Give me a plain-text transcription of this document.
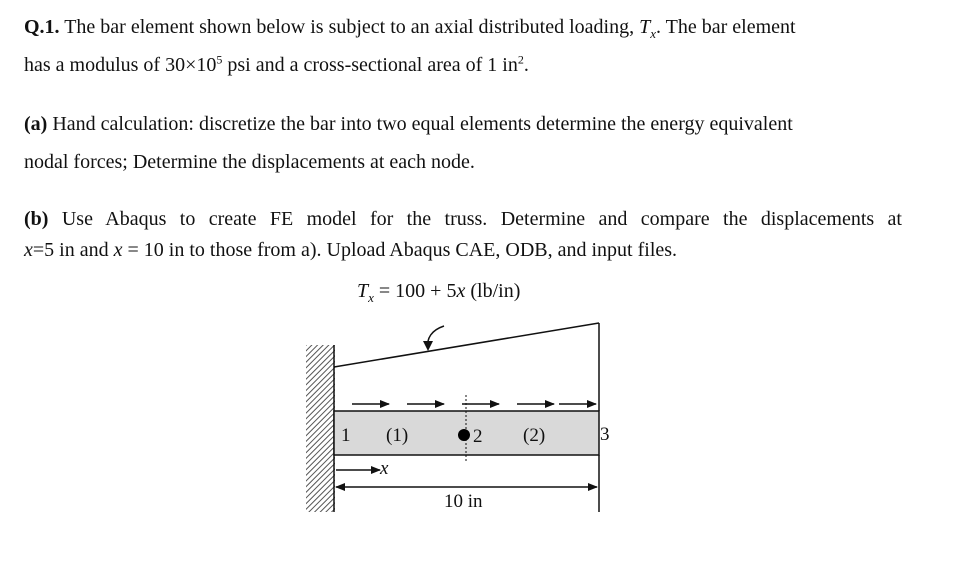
Q.1. The bar element shown below is subject to an axial distributed loading, $T_x$. The bar element
has a modulus of $30\times 10^5$ psi and a cross-sectional area of 1 $in^2$.
(a) Hand calculation: discretize the bar into two equal elements determine the energy equivalent
nodal forces; Determine the displacements at each node.
(b) Use Abaqus to create FE model for the truss. Determine and compare the displacements at
x=5 in and x = 10 in to those from a). Upload Abaqus CAE, ODB, and input files.
$T_x = 100 + 5x$ (lb/in)
1 (1)	2 (2)	3
x
10 in
